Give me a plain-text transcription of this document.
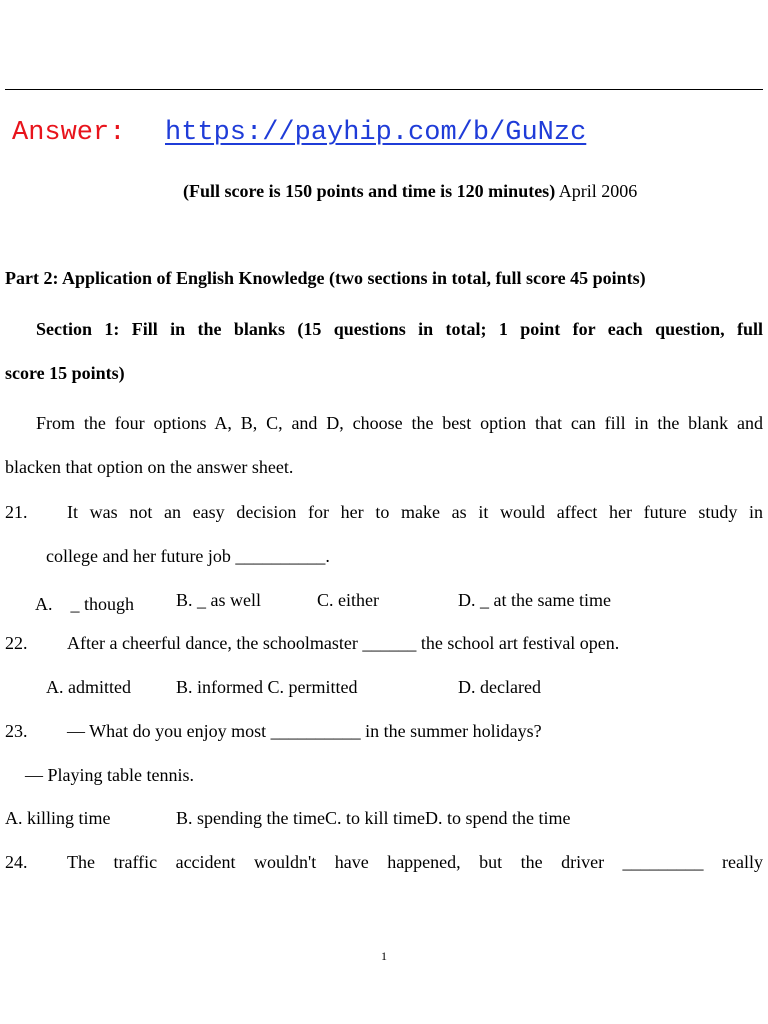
Answer: https://payhip.com/b/GuNzc
(Full score is 150 points and time is 120 minutes) April 2006
Part 2: Application of English Knowledge (two sections in total, full score 45 points)
Section 1: Fill in the blanks (15 questions in total; 1 point for each question, full
score 15 points)
From the four options A, B, C, and D, choose the best option that can fill in the blank and
blacken that option on the answer sheet.
21.	It was not an easy decision for her to make as it would affect her future study in
college and her future job __________.
A.　_ though B. _ as well	C. either	D. _ at the same time
22.	After a cheerful dance, the schoolmaster ______ the school art festival open.
A. admitted	B. informed C. permitted	D. declared
23.	— What do you enjoy most __________ in the summer holidays?
— Playing table tennis.
A. killing time	B. spending the timeC. to kill timeD. to spend the time
24.	The traffic accident wouldn't have happened, but the driver _________ really
1
